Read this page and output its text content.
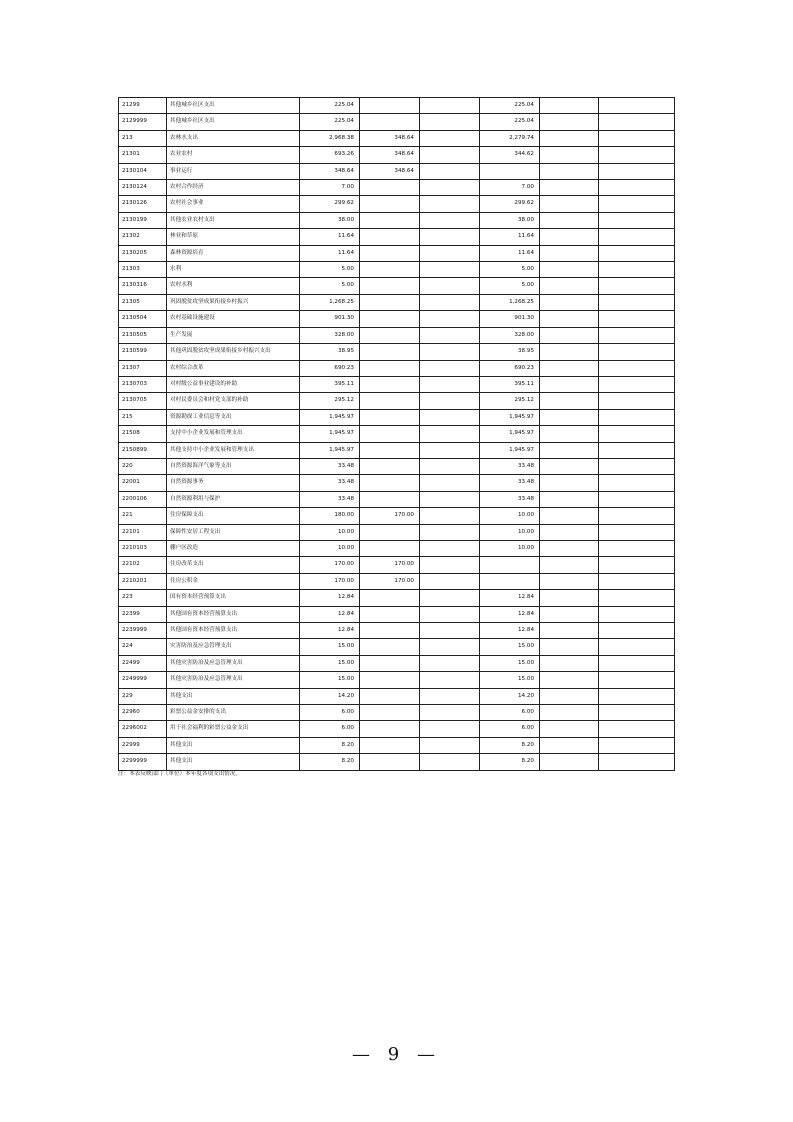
21299	其他城乡社区支出	225.04			225.04		
2129999	其他城乡社区支出	225.04			225.04		
213	农林水支出	2,968.38	348.64		2,279.74		
21301	农业农村	693.26	348.64		344.62		
2130104	事业运行	348.64	348.64				
2130124	农村合作经济	7.00			7.00		
2130126	农村社会事业	299.62			299.62		
2130199	其他农业农村支出	38.00			38.00		
21302	林业和草原	11.64			11.64		
2130205	森林资源培育	11.64			11.64		
21303	水利	5.00			5.00		
2130316	农村水利	5.00			5.00		
21305	巩固脱贫攻坚成果衔接乡村振兴	1,268.25			1,268.25		
2130504	农村基础设施建设	901.30			901.30		
2130505	生产发展	328.00			328.00		
2130599	其他巩固脱贫攻坚成果衔接乡村振兴支出	38.95			38.95		
21307	农村综合改革	690.23			690.23		
2130703	对村级公益事业建设的补助	395.11			395.11		
2130705	对村民委员会和村党支部的补助	295.12			295.12		
215	资源勘探工业信息等支出	1,945.97			1,945.97		
21508	支持中小企业发展和管理支出	1,945.97			1,945.97		
2150899	其他支持中小企业发展和管理支出	1,945.97			1,945.97		
220	自然资源海洋气象等支出	33.48			33.48		
22001	自然资源事务	33.48			33.48		
2200106	自然资源利用与保护	33.48			33.48		
221	住房保障支出	180.00	170.00		10.00		
22101	保障性安居工程支出	10.00			10.00		
2210103	棚户区改造	10.00			10.00		
22102	住房改革支出	170.00	170.00				
2210201	住房公积金	170.00	170.00				
223	国有资本经营预算支出	12.84			12.84		
22399	其他国有资本经营预算支出	12.84			12.84		
2239999	其他国有资本经营预算支出	12.84			12.84		
224	灾害防治及应急管理支出	15.00			15.00		
22499	其他灾害防治及应急管理支出	15.00			15.00		
2249999	其他灾害防治及应急管理支出	15.00			15.00		
229	其他支出	14.20			14.20		
22960	彩票公益金安排的支出	6.00			6.00		
2296002	用于社会福利的彩票公益金支出	6.00			6.00		
22999	其他支出	8.20			8.20		
2299999	其他支出	8.20			8.20		
注：本表反映部门（单位）本年度各项支出情况。
— 9 —
